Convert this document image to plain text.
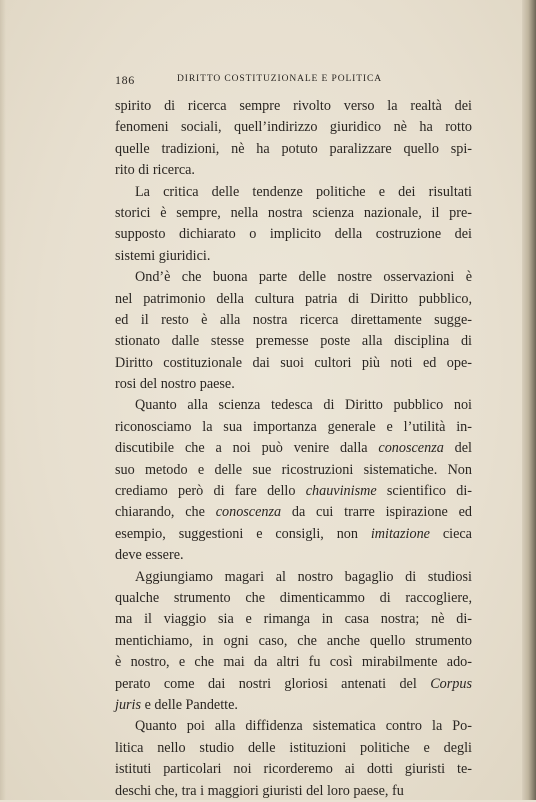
186	DIRITTO COSTITUZIONALE E POLITICA
spirito di ricerca sempre rivolto verso la realtà dei
fenomeni sociali, quell’indirizzo giuridico nè ha rotto
quelle tradizioni, nè ha potuto paralizzare quello spi-
rito di ricerca.
La critica delle tendenze politiche e dei risultati
storici è sempre, nella nostra scienza nazionale, il pre-
supposto dichiarato o implicito della costruzione dei
sistemi giuridici.
Ond’è che buona parte delle nostre osservazioni è
nel patrimonio della cultura patria di Diritto pubblico,
ed il resto è alla nostra ricerca direttamente sugge-
stionato dalle stesse premesse poste alla disciplina di
Diritto costituzionale dai suoi cultori più noti ed ope-
rosi del nostro paese.
Quanto alla scienza tedesca di Diritto pubblico noi
riconosciamo la sua importanza generale e l’utilità in-
discutibile che a noi può venire dalla conoscenza del
suo metodo e delle sue ricostruzioni sistematiche. Non
crediamo però di fare dello chauvinisme scientifico di-
chiarando, che conoscenza da cui trarre ispirazione ed
esempio, suggestioni e consigli, non imitazione cieca
deve essere.
Aggiungiamo magari al nostro bagaglio di studiosi
qualche strumento che dimenticammo di raccogliere,
ma il viaggio sia e rimanga in casa nostra; nè di-
mentichiamo, in ogni caso, che anche quello strumento
è nostro, e che mai da altri fu così mirabilmente ado-
perato come dai nostri gloriosi antenati del Corpus
juris e delle Pandette.
Quanto poi alla diffidenza sistematica contro la Po-
litica nello studio delle istituzioni politiche e degli
istituti particolari noi ricorderemo ai dotti giuristi te-
deschi che, tra i maggiori giuristi del loro paese, fu
